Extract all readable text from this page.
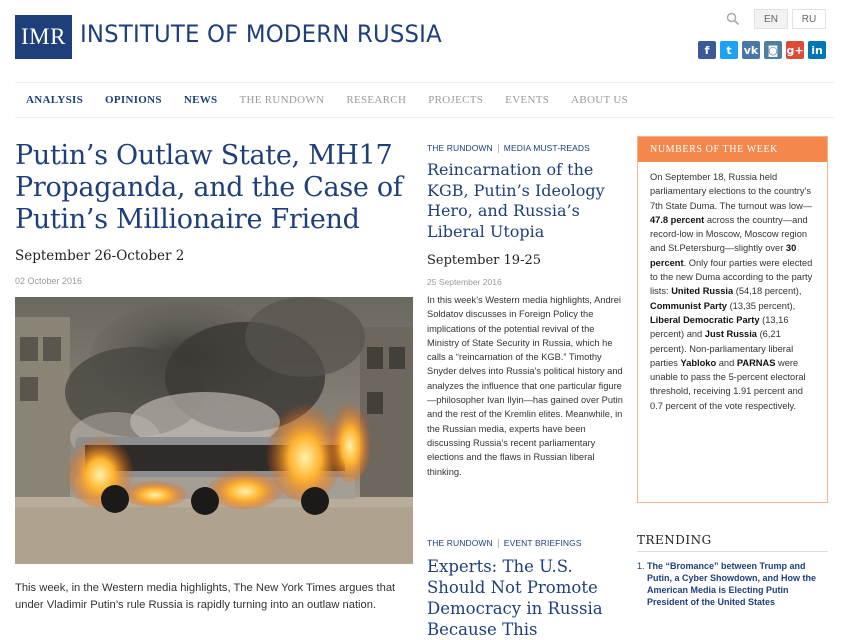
IMR INSTITUTE OF MODERN RUSSIA
EN	RU
f	t	vk ◙ g+ in
ANALYSIS OPINIONS NEWS THE RUNDOWN RESEARCH PROJECTS EVENTS ABOUT US
Putin’s Outlaw State, MH17 Propaganda, and the Case of Putin’s Millionaire Friend
September 26-October 2
02 October 2016
This week, in the Western media highlights, The New York Times argues that under Vladimir Putin’s rule Russia is rapidly turning into an outlaw nation.
THE RUNDOWN MEDIA MUST-READS
Reincarnation of the KGB, Putin’s Ideology Hero, and Russia’s Liberal Utopia
September 19-25
25 September 2016
In this week’s Western media highlights, Andrei Soldatov discusses in Foreign Policy the implications of the potential revival of the Ministry of State Security in Russia, which he calls a “reincarnation of the KGB.” Timothy Snyder delves into Russia’s political history and analyzes the influence that one particular figure—philosopher Ivan Ilyin—has gained over Putin and the rest of the Kremlin elites. Meanwhile, in the Russian media, experts have been discussing Russia’s recent parliamentary elections and the flaws in Russian liberal thinking.
THE RUNDOWN EVENT BRIEFINGS
Experts: The U.S. Should Not Promote Democracy in Russia Because This
NUMBERS OF THE WEEK
On September 18, Russia held parliamentary elections to the country’s 7th State Duma. The turnout was low—47.8 percent across the country—and record-low in Moscow, Moscow region and St.Petersburg—slightly over 30 percent. Only four parties were elected to the new Duma according to the party lists: United Russia (54,18 percent), Communist Party (13,35 percent), Liberal Democratic Party (13,16 percent) and Just Russia (6,21 percent). Non-parliamentary liberal parties Yabloko and PARNAS were unable to pass the 5-percent electoral threshold, receiving 1.91 percent and 0.7 percent of the vote respectively.
TRENDING
1. The “Bromance” between Trump and Putin, a Cyber Showdown, and How the American Media is Electing Putin President of the United States
